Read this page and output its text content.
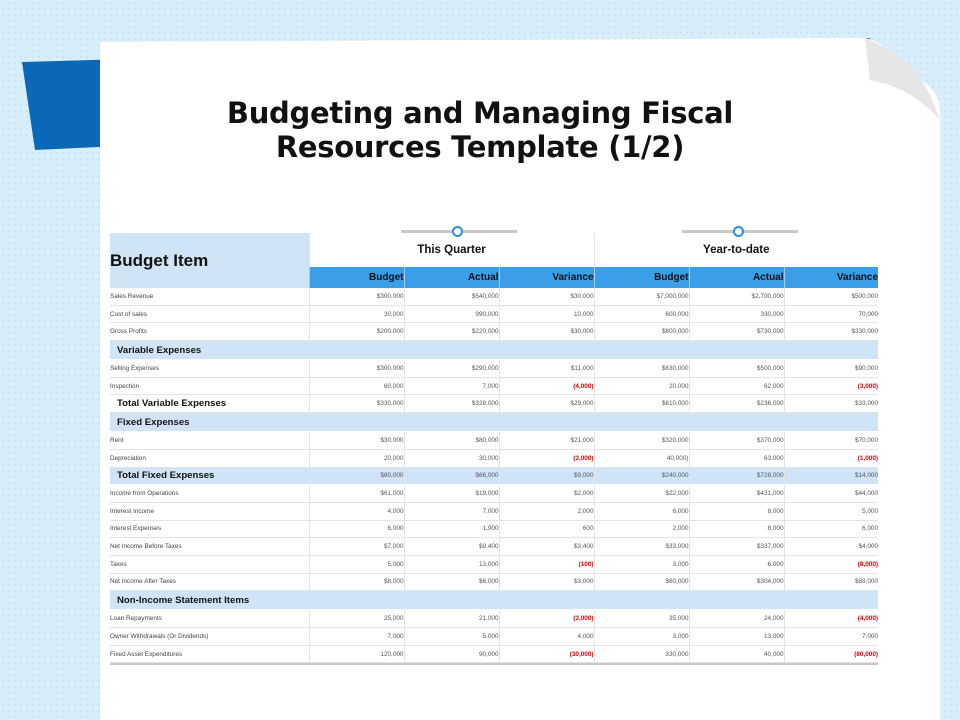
Budgeting and Managing Fiscal
Resources Template (1/2)
Budget Item	This Quarter			Year-to-date		
	Budget	Actual	Variance	Budget	Actual	Variance
Sales Revenue	$300,000	$540,000	$30,000	$7,000,000	$2,700,000	$500,000
Cost of sales	30,000	990,000	10,000	600,000	330,000	70,000
Gross Profits	$200,000	$220,000	$30,000	$800,000	$730,000	$330,000
Variable Expenses						
Selling Expenses	$300,000	$290,000	$11,000	$630,000	$500,000	$90,000
Inspection	60,000	7,000	(4,000)	20,000	62,000	(3,000)
Total Variable Expenses	$330,000	$328,000	$29,000	$610,000	$236,000	$33,000
Fixed Expenses						
Rent	$30,000	$80,000	$21,000	$320,000	$370,000	$70,000
Depreciation	20,000	30,000	(3,000)	40,000)	63,000	(1,000)
Total Fixed Expenses	$80,000	$66,000	$9,000	$240,000	$728,000	$14,000
Income from Operations	$61,000	$19,000	$2,000	$22,000	$431,000	$44,000
Interest Income	4,000	7,000	2,000	6,000	8,000	5,000
Interest Expenses	6,000	1,900	600	2,000	8,000	6,000
Net Income Before Taxes	$7,000	$9,400	$3,400	$33,000	$337,000	$4,000
Taxes	5,000	13,000	(100)	3,000	6,000	(8,000)
Net Income After Taxes	$8,000	$6,000	$3,000	$60,000	$304,000	$88,000
Non-Income Statement Items						
Loan Repayments	25,000	21,000	(3,000)	35,000	24,000	(4,000)
Owner Withdrawals (Or Dividends)	7,000	5,000	4,000	3,000	13,000	7,000
Fixed Asset Expenditures	120,000	90,000	(30,000)	330,000	40,000	(80,000)
